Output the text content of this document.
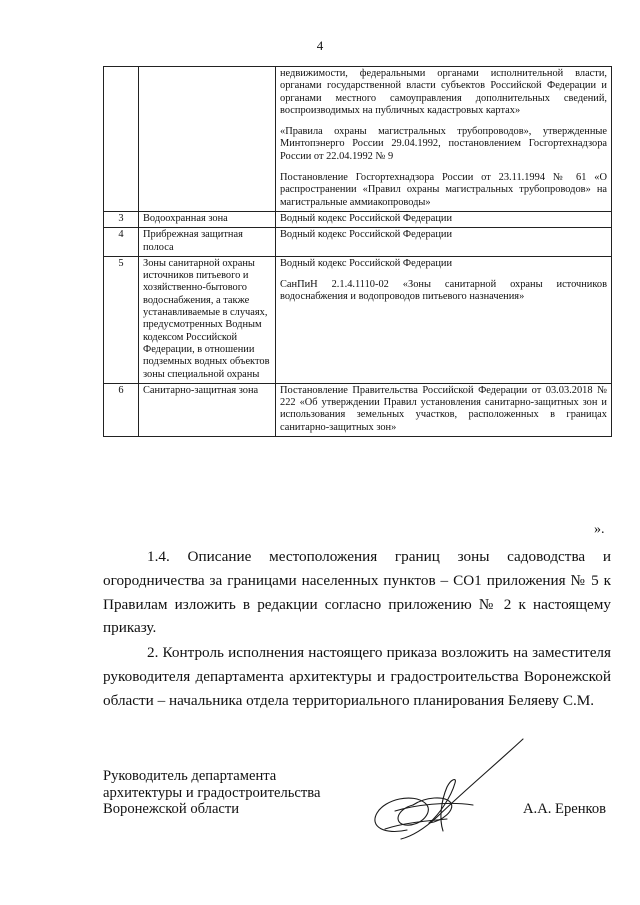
4

		недвижимости, федеральными органами исполнительной власти, органами государственной власти субъектов Российской Федерации и органами местного самоуправления дополнительных сведений, воспроизводимых на публичных кадастровых картах»

«Правила охраны магистральных трубопроводов», утвержденные Минтопэнерго России 29.04.1992, постановлением Госгортехнадзора России от 22.04.1992 № 9

Постановление Госгортехнадзора России от 23.11.1994 № 61 «О распространении «Правил охраны магистральных трубопроводов» на магистральные аммиакопроводы»

3	Водоохранная зона	Водный кодекс Российской Федерации

4	Прибрежная защитная полоса	Водный кодекс Российской Федерации

5	Зоны санитарной охраны источников питьевого и хозяйственно-бытового водоснабжения, а также устанавливаемые в случаях, предусмотренных Водным кодексом Российской Федерации, в отношении подземных водных объектов зоны специальной охраны	Водный кодекс Российской Федерации

СанПиН 2.1.4.1110-02 «Зоны санитарной охраны источников водоснабжения и водопроводов питьевого назначения»

6	Санитарно-защитная зона	Постановление Правительства Российской Федерации от 03.03.2018 № 222 «Об утверждении Правил установления санитарно-защитных зон и использования земельных участков, расположенных в границах санитарно-защитных зон»

».
1.4. Описание местоположения границ зоны садоводства и огородничества за границами населенных пунктов – СО1 приложения № 5 к Правилам изложить в редакции согласно приложению № 2 к настоящему приказу.
2. Контроль исполнения настоящего приказа возложить на заместителя руководителя департамента архитектуры и градостроительства Воронежской области – начальника отдела территориального планирования Беляеву С.М.
Руководитель департамента
архитектуры и градостроительства
Воронежской области	А.А. Еренков
